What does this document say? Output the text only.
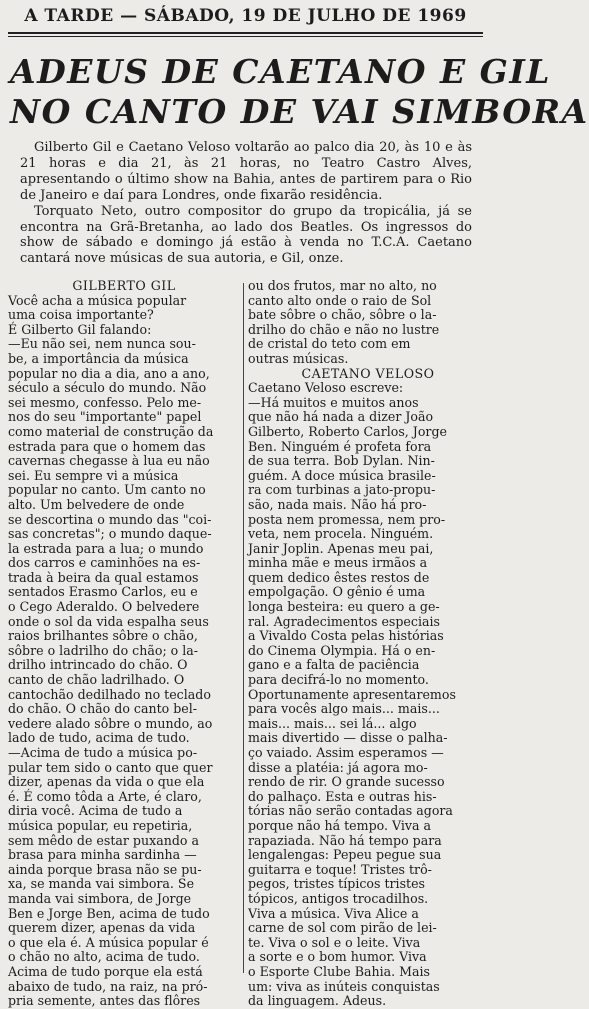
A TARDE — SÁBADO, 19 DE JULHO DE 1969
ADEUS DE CAETANO E GIL
NO CANTO DE VAI SIMBORA

Gilberto Gil e Caetano Veloso voltarão ao palco dia 20, às 10 e às 21 horas e dia 21, às 21 horas, no Teatro Castro Alves, apresentando o último show na Bahia, antes de partirem para o Rio de Janeiro e daí para Londres, onde fixarão residência.

Torquato Neto, outro compositor do grupo da tropicália, já se encontra na Grã-Bretanha, ao lado dos Beatles. Os ingressos do show de sábado e domingo já estão à venda no T.C.A. Caetano cantará nove músicas de sua autoria, e Gil, onze.

GILBERTO GIL
Você acha a música popular
uma coisa importante?
É Gilberto Gil falando:
—Eu não sei, nem nunca sou-
be, a importância da música
popular no dia a dia, ano a ano,
século a século do mundo. Não
sei mesmo, confesso. Pelo me-
nos do seu "importante" papel
como material de construção da
estrada para que o homem das
cavernas chegasse à lua eu não
sei. Eu sempre vi a música
popular no canto. Um canto no
alto. Um belvedere de onde
se descortina o mundo das "coi-
sas concretas"; o mundo daque-
la estrada para a lua; o mundo
dos carros e caminhões na es-
trada à beira da qual estamos
sentados Erasmo Carlos, eu e
o Cego Aderaldo. O belvedere
onde o sol da vida espalha seus
raios brilhantes sôbre o chão,
sôbre o ladrilho do chão; o la-
drilho intrincado do chão. O
canto de chão ladrilhado. O
cantochão dedilhado no teclado
do chão. O chão do canto bel-
vedere alado sôbre o mundo, ao
lado de tudo, acima de tudo.
—Acima de tudo a música po-
pular tem sido o canto que quer
dizer, apenas da vida o que ela
é. É como tôda a Arte, é claro,
diria você. Acima de tudo a
música popular, eu repetiria,
sem mêdo de estar puxando a
brasa para minha sardinha —
ainda porque brasa não se pu-
xa, se manda vai simbora. Se
manda vai simbora, de Jorge
Ben e Jorge Ben, acima de tudo
querem dizer, apenas da vida
o que ela é. A música popular é
o chão no alto, acima de tudo.
Acima de tudo porque ela está
abaixo de tudo, na raiz, na pró-
pria semente, antes das flôres
ou dos frutos, mar no alto, no
canto alto onde o raio de Sol
bate sôbre o chão, sôbre o la-
drilho do chão e não no lustre
de cristal do teto com em
outras músicas.
CAETANO VELOSO
Caetano Veloso escreve:
—Há muitos e muitos anos
que não há nada a dizer João
Gilberto, Roberto Carlos, Jorge
Ben. Ninguém é profeta fora
de sua terra. Bob Dylan. Nin-
guém. A doce música brasile-
ra com turbinas a jato-propu-
são, nada mais. Não há pro-
posta nem promessa, nem pro-
veta, nem procela. Ninguém.
Janir Joplin. Apenas meu pai,
minha mãe e meus irmãos a
quem dedico êstes restos de
empolgação. O gênio é uma
longa besteira: eu quero a ge-
ral. Agradecimentos especiais
a Vivaldo Costa pelas histórias
do Cinema Olympia. Há o en-
gano e a falta de paciência
para decifrá-lo no momento.
Oportunamente apresentaremos
para vocês algo mais... mais...
mais... mais... sei lá... algo
mais divertido — disse o palha-
ço vaiado. Assim esperamos —
disse a platéia: já agora mo-
rendo de rir. O grande sucesso
do palhaço. Esta e outras his-
tórias não serão contadas agora
porque não há tempo. Viva a
rapaziada. Não há tempo para
lengalengas: Pepeu pegue sua
guitarra e toque! Tristes trô-
pegos, tristes típicos tristes
tópicos, antigos trocadilhos.
Viva a música. Viva Alice a
carne de sol com pirão de lei-
te. Viva o sol e o leite. Viva
a sorte e o bom humor. Viva
o Esporte Clube Bahia. Mais
um: viva as inúteis conquistas
da linguagem. Adeus.
